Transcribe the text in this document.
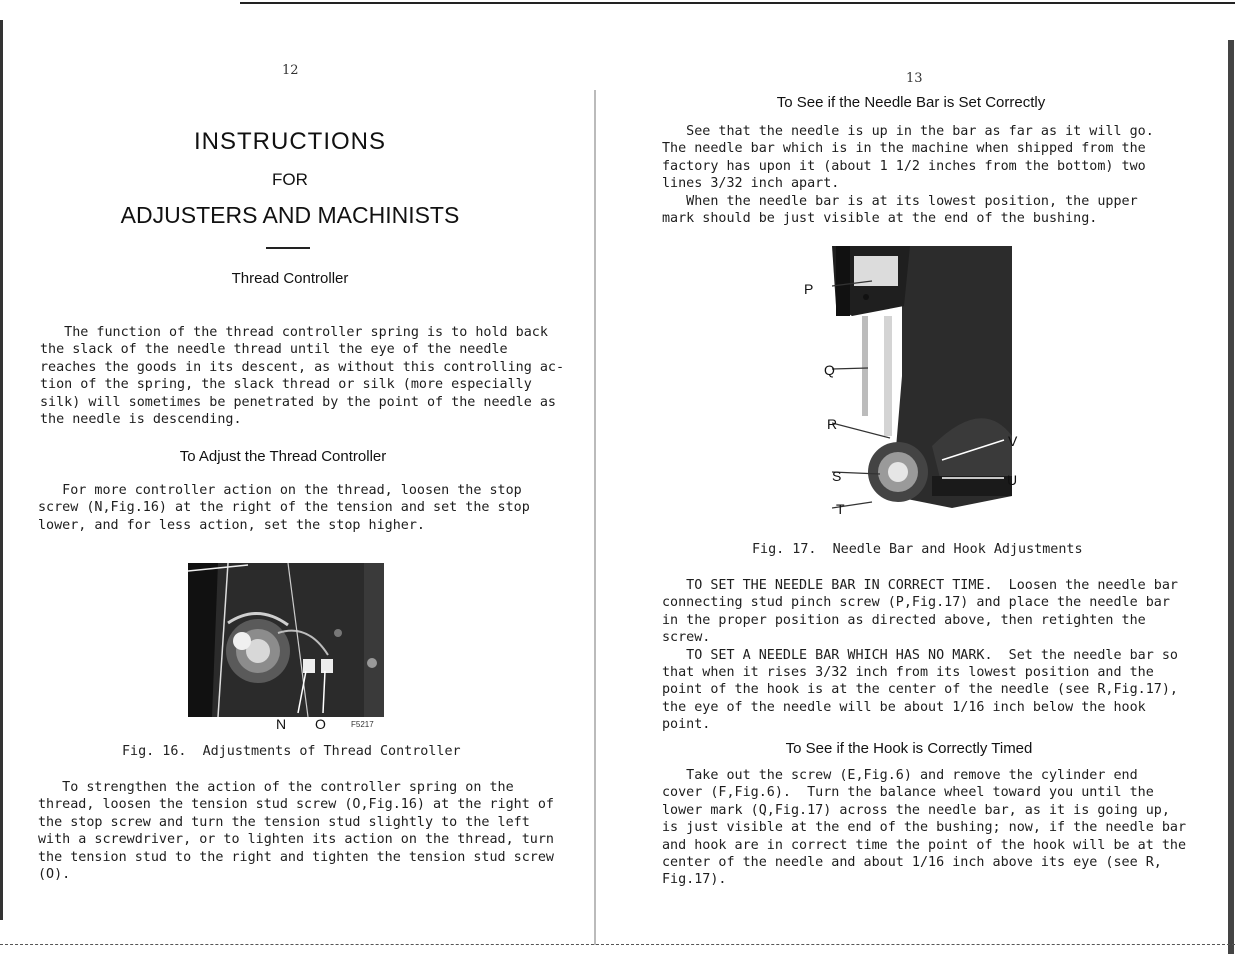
12
INSTRUCTIONS
FOR
ADJUSTERS AND MACHINISTS
Thread Controller
The function of the thread controller spring is to hold back
the slack of the needle thread until the eye of the needle
reaches the goods in its descent, as without this controlling ac-
tion of the spring, the slack thread or silk (more especially
silk) will sometimes be penetrated by the point of the needle as
the needle is descending.
To Adjust the Thread Controller
For more controller action on the thread, loosen the stop
screw (N,Fig.16) at the right of the tension and set the stop
lower, and for less action, set the stop higher.
N O	F5217
Fig. 16.  Adjustments of Thread Controller
To strengthen the action of the controller spring on the
thread, loosen the tension stud screw (O,Fig.16) at the right of
the stop screw and turn the tension stud slightly to the left
with a screwdriver, or to lighten its action on the thread, turn
the tension stud to the right and tighten the tension stud screw
(O).
13
To See if the Needle Bar is Set Correctly
See that the needle is up in the bar as far as it will go.
The needle bar which is in the machine when shipped from the
factory has upon it (about 1 1/2 inches from the bottom) two
lines 3/32 inch apart.
When the needle bar is at its lowest position, the upper
mark should be just visible at the end of the bushing.
P
Q
R
S
T
V
U
Fig. 17.  Needle Bar and Hook Adjustments
TO SET THE NEEDLE BAR IN CORRECT TIME.  Loosen the needle bar
connecting stud pinch screw (P,Fig.17) and place the needle bar
in the proper position as directed above, then retighten the
screw.
TO SET A NEEDLE BAR WHICH HAS NO MARK.  Set the needle bar so
that when it rises 3/32 inch from its lowest position and the
point of the hook is at the center of the needle (see R,Fig.17),
the eye of the needle will be about 1/16 inch below the hook
point.
To See if the Hook is Correctly Timed
Take out the screw (E,Fig.6) and remove the cylinder end
cover (F,Fig.6).  Turn the balance wheel toward you until the
lower mark (Q,Fig.17) across the needle bar, as it is going up,
is just visible at the end of the bushing; now, if the needle bar
and hook are in correct time the point of the hook will be at the
center of the needle and about 1/16 inch above its eye (see R,
Fig.17).
